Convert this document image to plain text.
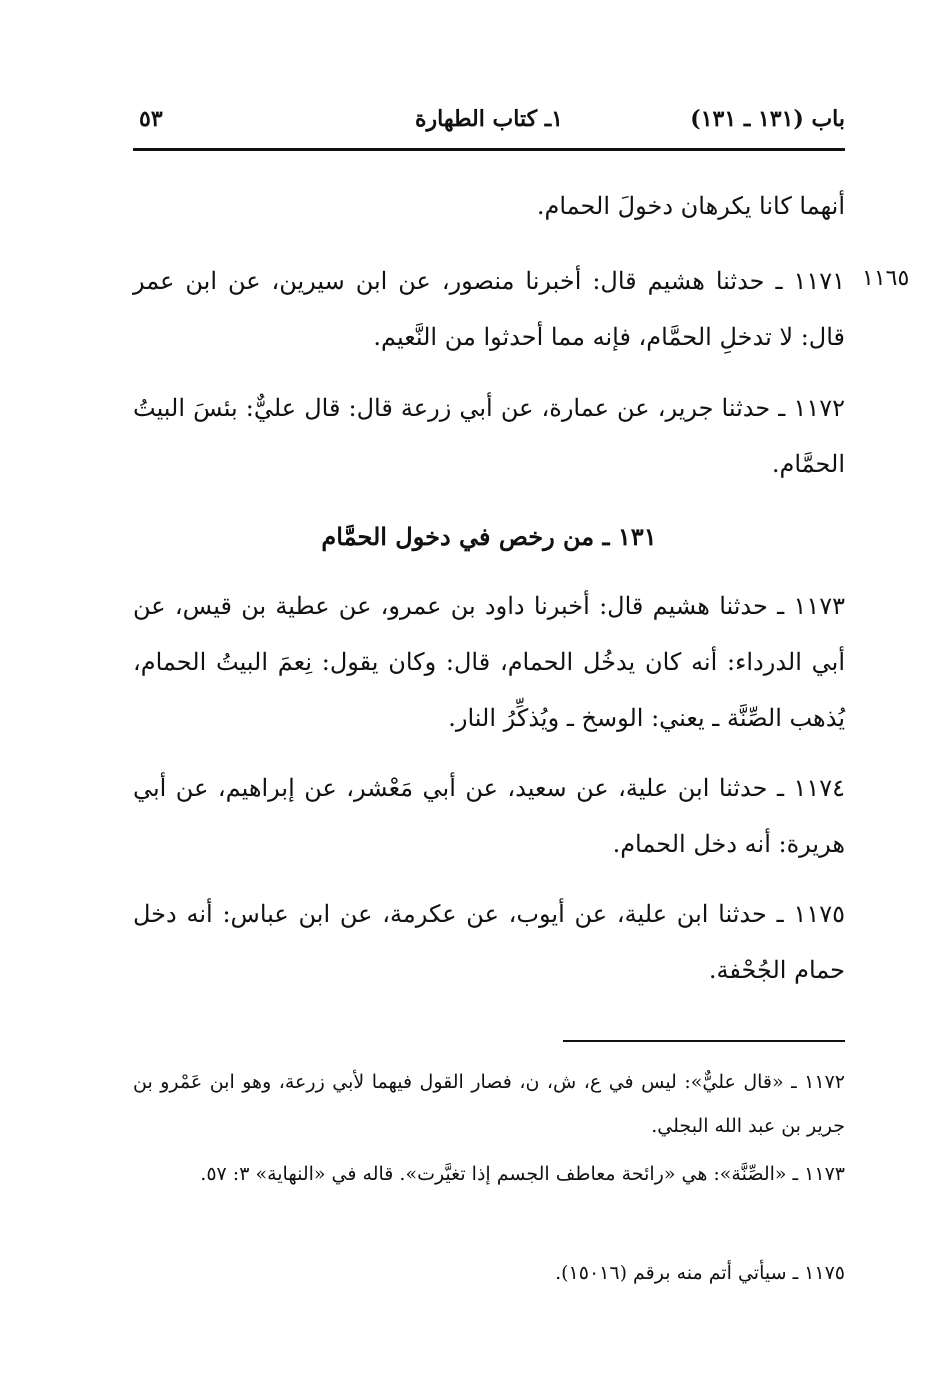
باب (١٣١ ـ ١٣١)
١ـ كتاب الطهارة
٥٣
أنهما كانا يكرهان دخولَ الحمام.
١١٦٥
١١٧١ ـ حدثنا هشيم قال: أخبرنا منصور، عن ابن سيرين، عن ابن عمر قال: لا تدخلِ الحمَّام، فإنه مما أحدثوا من النَّعيم.
١١٧٢ ـ حدثنا جرير، عن عمارة، عن أبي زرعة قال: قال عليٌّ: بئسَ البيتُ الحمَّام.
١٣١ ـ من رخص في دخول الحمَّام
١١٧٣ ـ حدثنا هشيم قال: أخبرنا داود بن عمرو، عن عطية بن قيس، عن أبي الدرداء: أنه كان يدخُل الحمام، قال: وكان يقول: نِعمَ البيتُ الحمام، يُذهب الصِّنَّة ـ يعني: الوسخ ـ ويُذكِّرُ النار.
١١٧٤ ـ حدثنا ابن علية، عن سعيد، عن أبي مَعْشر، عن إبراهيم، عن أبي هريرة: أنه دخل الحمام.
١١٧٥ ـ حدثنا ابن علية، عن أيوب، عن عكرمة، عن ابن عباس: أنه دخل حمام الجُحْفة.
١١٧٢ ـ «قال عليٌّ»: ليس في ع، ش، ن، فصار القول فيهما لأبي زرعة، وهو ابن عَمْرو بن جرير بن عبد الله البجلي.
١١٧٣ ـ «الصِّنَّة»: هي «رائحة معاطف الجسم إذا تغيَّرت». قاله في «النهاية» ٣: ٥٧.
١١٧٥ ـ سيأتي أتم منه برقم (١٥٠١٦).
